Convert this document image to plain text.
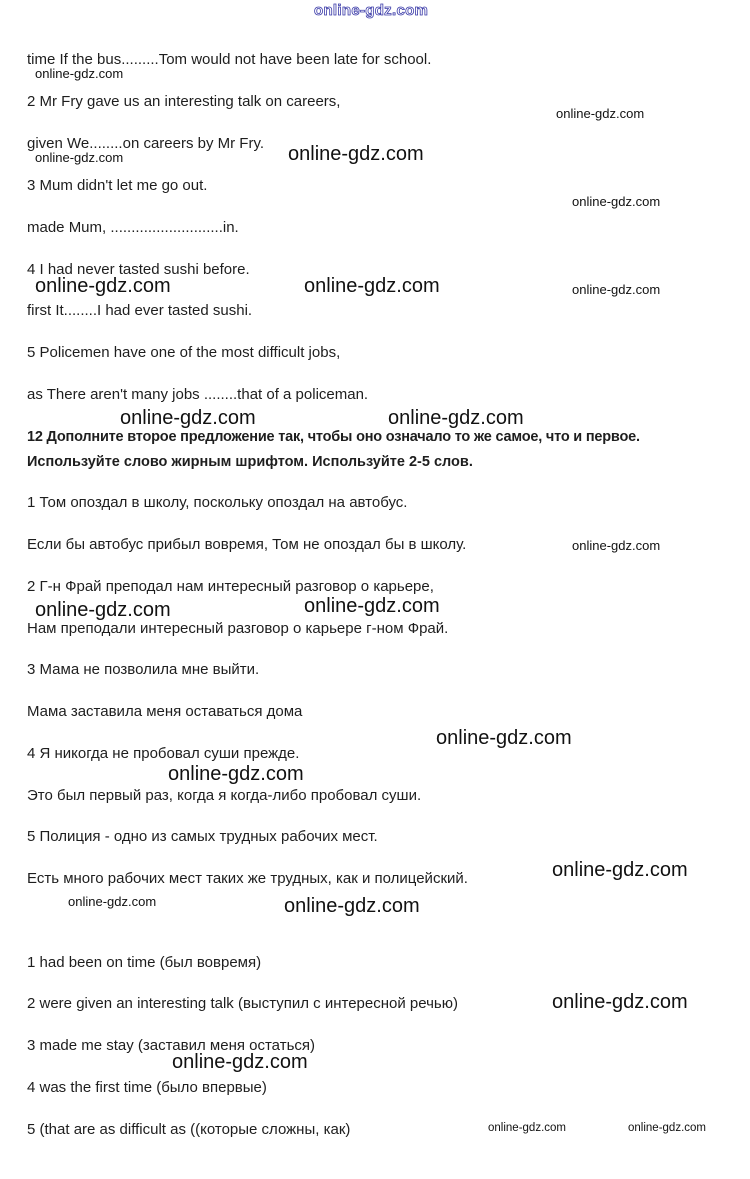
online-gdz.com
time If the bus.........Tom would not have been late for school.
2 Mr Fry gave us an interesting talk on careers,
given We........on careers by Mr Fry.
3 Mum didn't let me go out.
made Mum, ...........................in.
4 I had never tasted sushi before.
first It........I had ever tasted sushi.
5 Policemen have one of the most difficult jobs,
as There aren't many jobs ........that of a policeman.
12 Дополните второе предложение так, чтобы оно означало то же самое, что и первое.
Используйте слово жирным шрифтом. Используйте 2-5 слов.
1 Том опоздал в школу, поскольку опоздал на автобус.
Если бы автобус прибыл вовремя, Том не опоздал бы в школу.
2 Г-н Фрай преподал нам интересный разговор о карьере,
Нам преподали интересный разговор о карьере г-ном Фрай.
3 Мама не позволила мне выйти.
Мама заставила меня оставаться дома
4 Я никогда не пробовал суши прежде.
Это был первый раз, когда я когда-либо пробовал суши.
5 Полиция - одно из самых трудных рабочих мест.
Есть много рабочих мест таких же трудных, как и полицейский.
1 had been on time (был вовремя)
2 were given an interesting talk (выступил с интересной речью)
3 made me stay (заставил меня остаться)
4 was the first time (было впервые)
5 (that are as difficult as ((которые сложны, как)
online-gdz.com
online-gdz.com
online-gdz.com	online-gdz.com
online-gdz.com
online-gdz.com	online-gdz.com	online-gdz.com
online-gdz.com	online-gdz.com
online-gdz.com
online-gdz.com	online-gdz.com
online-gdz.com
online-gdz.com
online-gdz.com
online-gdz.com	online-gdz.com
online-gdz.com
online-gdz.com
online-gdz.com	online-gdz.com
